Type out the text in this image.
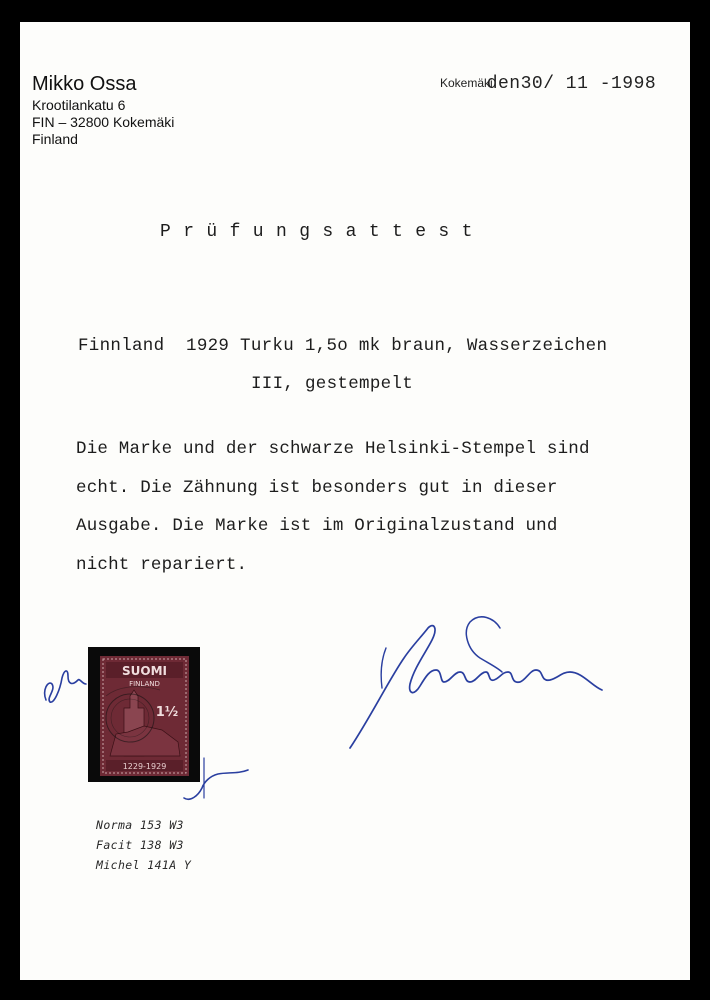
Mikko Ossa
Krootilankatu 6
FIN – 32800 Kokemäki
Finland
Kokemäkiden30/ 11 -1998
Prüfungsattest
Finnland  1929 Turku 1,5o mk braun, Wasserzeichen
III, gestempelt
Die Marke und der schwarze Helsinki-Stempel sind
echt. Die Zähnung ist besonders gut in dieser
Ausgabe. Die Marke ist im Originalzustand und
nicht repariert.
SUOMI
FINLAND
1½
1229-1929
Norma 153 W3
Facit 138 W3
Michel 141A Y
